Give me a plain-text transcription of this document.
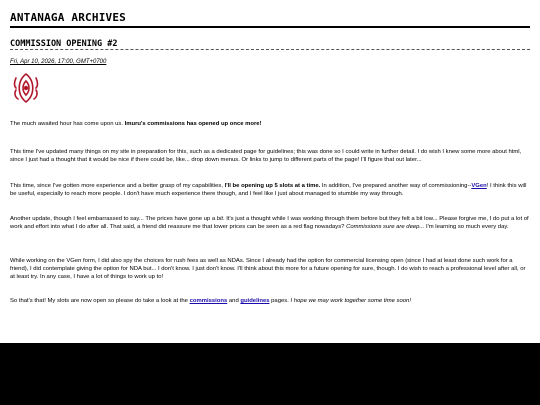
ANTANAGA ARCHIVES
COMMISSION OPENING #2
Fri, Apr 10, 2026, 17:00, GMT+0700

The much awaited hour has come upon us. Imuru's commissions has opened up once more!

This time I've updated many things on my site in preparation for this, such as a dedicated page for guidelines; this was done so I could write in further detail. I do wish I knew some more about html, since I just had a thought that it would be nice if there could be, like... drop down menus. Or links to jump to different parts of the page! I'll figure that out later...

This time, since I've gotten more experience and a better grasp of my capabilities, I'll be opening up 5 slots at a time. In addition, I've prepared another way of commissioning--VGen! I think this will be useful, especially to reach more people. I don't have much experience there though, and I feel like I just about managed to stumble my way through.

Another update, though I feel embarrassed to say... The prices have gone up a bit. It's just a thought while I was working through them before but they felt a bit low... Please forgive me, I do put a lot of work and effort into what I do after all. That said, a friend did reassure me that lower prices can be seen as a red flag nowadays? Commissions sure are deep... I'm learning so much every day.

While working on the VGen form, I did also spy the choices for rush fees as well as NDAs. Since I already had the option for commercial licensing open (since I had at least done such work for a friend), I did contemplate giving the option for NDA but... I don't know. I just don't know. I'll think about this more for a future opening for sure, though. I do wish to reach a professional level after all, or at least try. In any case, I have a lot of things to work up to!

So that's that! My slots are now open so please do take a look at the commissions and guidelines pages. I hope we may work together some time soon!
